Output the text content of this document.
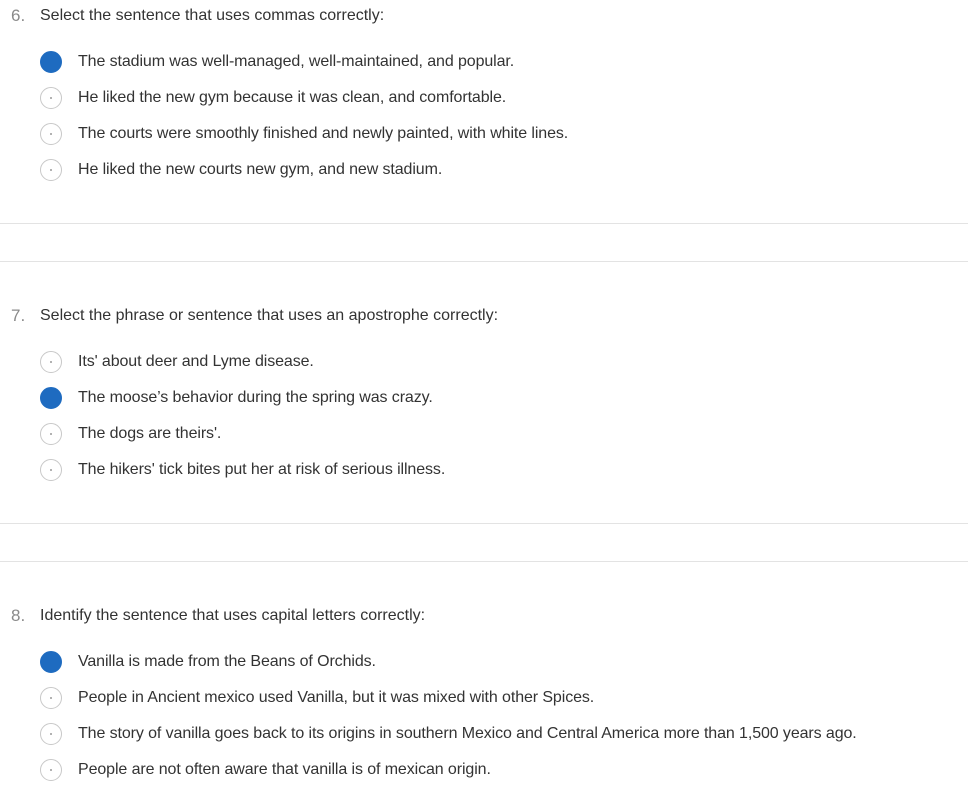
6. Select the sentence that uses commas correctly:
The stadium was well-managed, well-maintained, and popular.
He liked the new gym because it was clean, and comfortable.
The courts were smoothly finished and newly painted, with white lines.
He liked the new courts new gym, and new stadium.
7. Select the phrase or sentence that uses an apostrophe correctly:
Its' about deer and Lyme disease.
The moose’s behavior during the spring was crazy.
The dogs are theirs'.
The hikers' tick bites put her at risk of serious illness.
8. Identify the sentence that uses capital letters correctly:
Vanilla is made from the Beans of Orchids.
People in Ancient mexico used Vanilla, but it was mixed with other Spices.
The story of vanilla goes back to its origins in southern Mexico and Central America more than 1,500 years ago.
People are not often aware that vanilla is of mexican origin.
